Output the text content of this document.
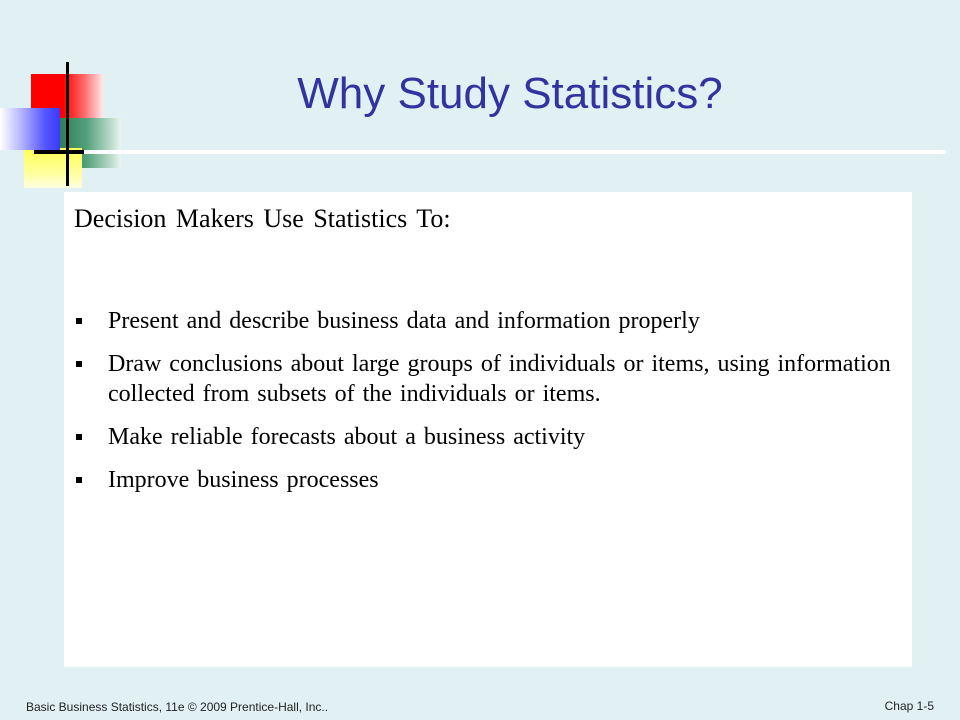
Why Study Statistics?
Decision Makers Use Statistics To:
Present and describe business data and information properly
Draw conclusions about large groups of individuals or items, using information collected from subsets of the individuals or items.
Make reliable forecasts about a business activity
Improve business processes
Basic Business Statistics, 11e © 2009 Prentice-Hall, Inc..	Chap 1-5
